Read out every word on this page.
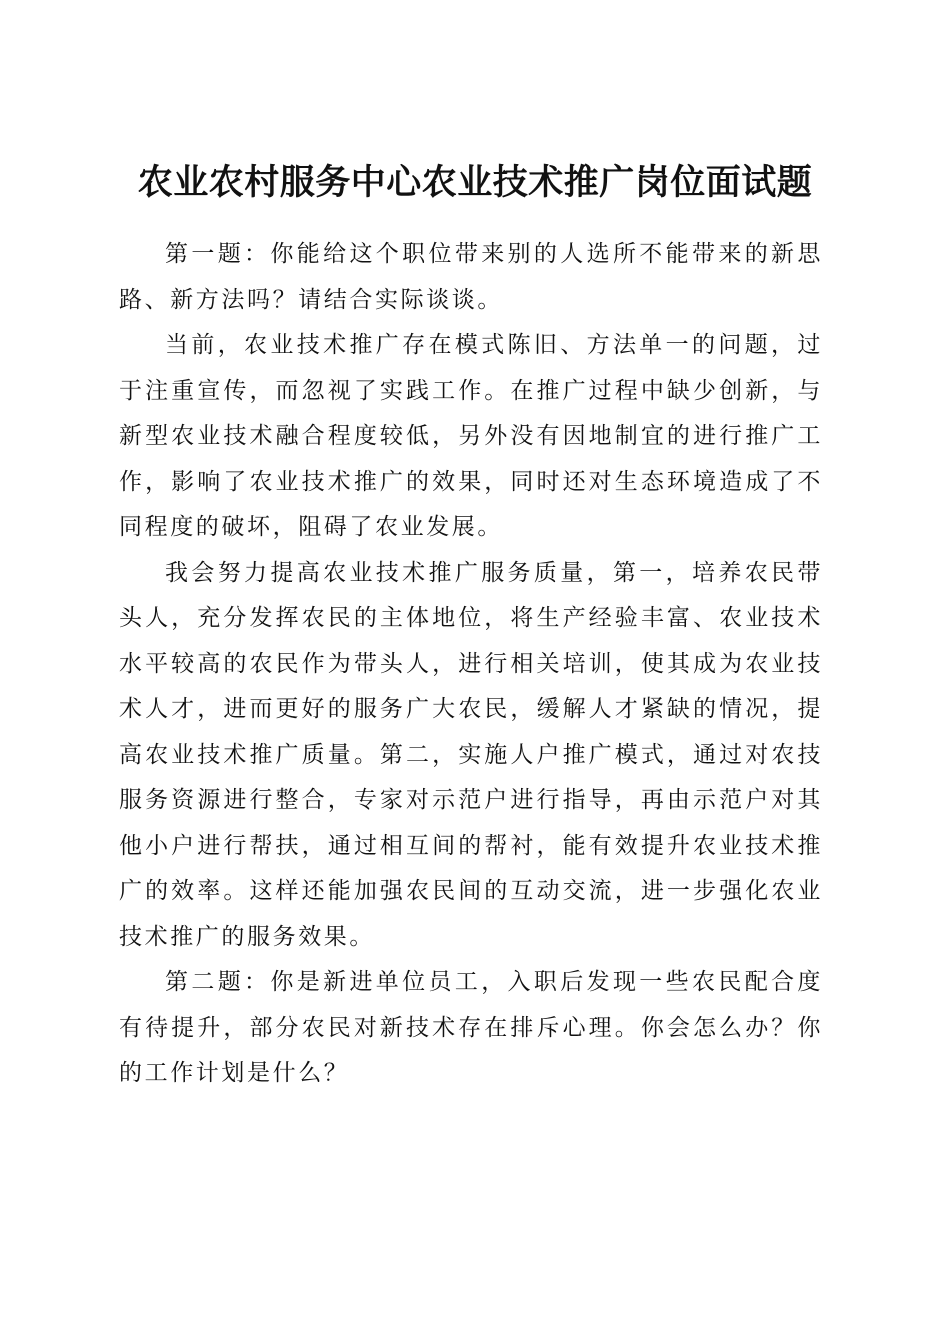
农业农村服务中心农业技术推广岗位面试题

第一题：你能给这个职位带来别的人选所不能带来的新思路、新方法吗？请结合实际谈谈。

当前，农业技术推广存在模式陈旧、方法单一的问题，过于注重宣传，而忽视了实践工作。在推广过程中缺少创新，与新型农业技术融合程度较低，另外没有因地制宜的进行推广工作，影响了农业技术推广的效果，同时还对生态环境造成了不同程度的破坏，阻碍了农业发展。

我会努力提高农业技术推广服务质量，第一，培养农民带头人，充分发挥农民的主体地位，将生产经验丰富、农业技术水平较高的农民作为带头人，进行相关培训，使其成为农业技术人才，进而更好的服务广大农民，缓解人才紧缺的情况，提高农业技术推广质量。第二，实施人户推广模式，通过对农技服务资源进行整合，专家对示范户进行指导，再由示范户对其他小户进行帮扶，通过相互间的帮衬，能有效提升农业技术推广的效率。这样还能加强农民间的互动交流，进一步强化农业技术推广的服务效果。

第二题：你是新进单位员工，入职后发现一些农民配合度有待提升，部分农民对新技术存在排斥心理。你会怎么办？你的工作计划是什么？
